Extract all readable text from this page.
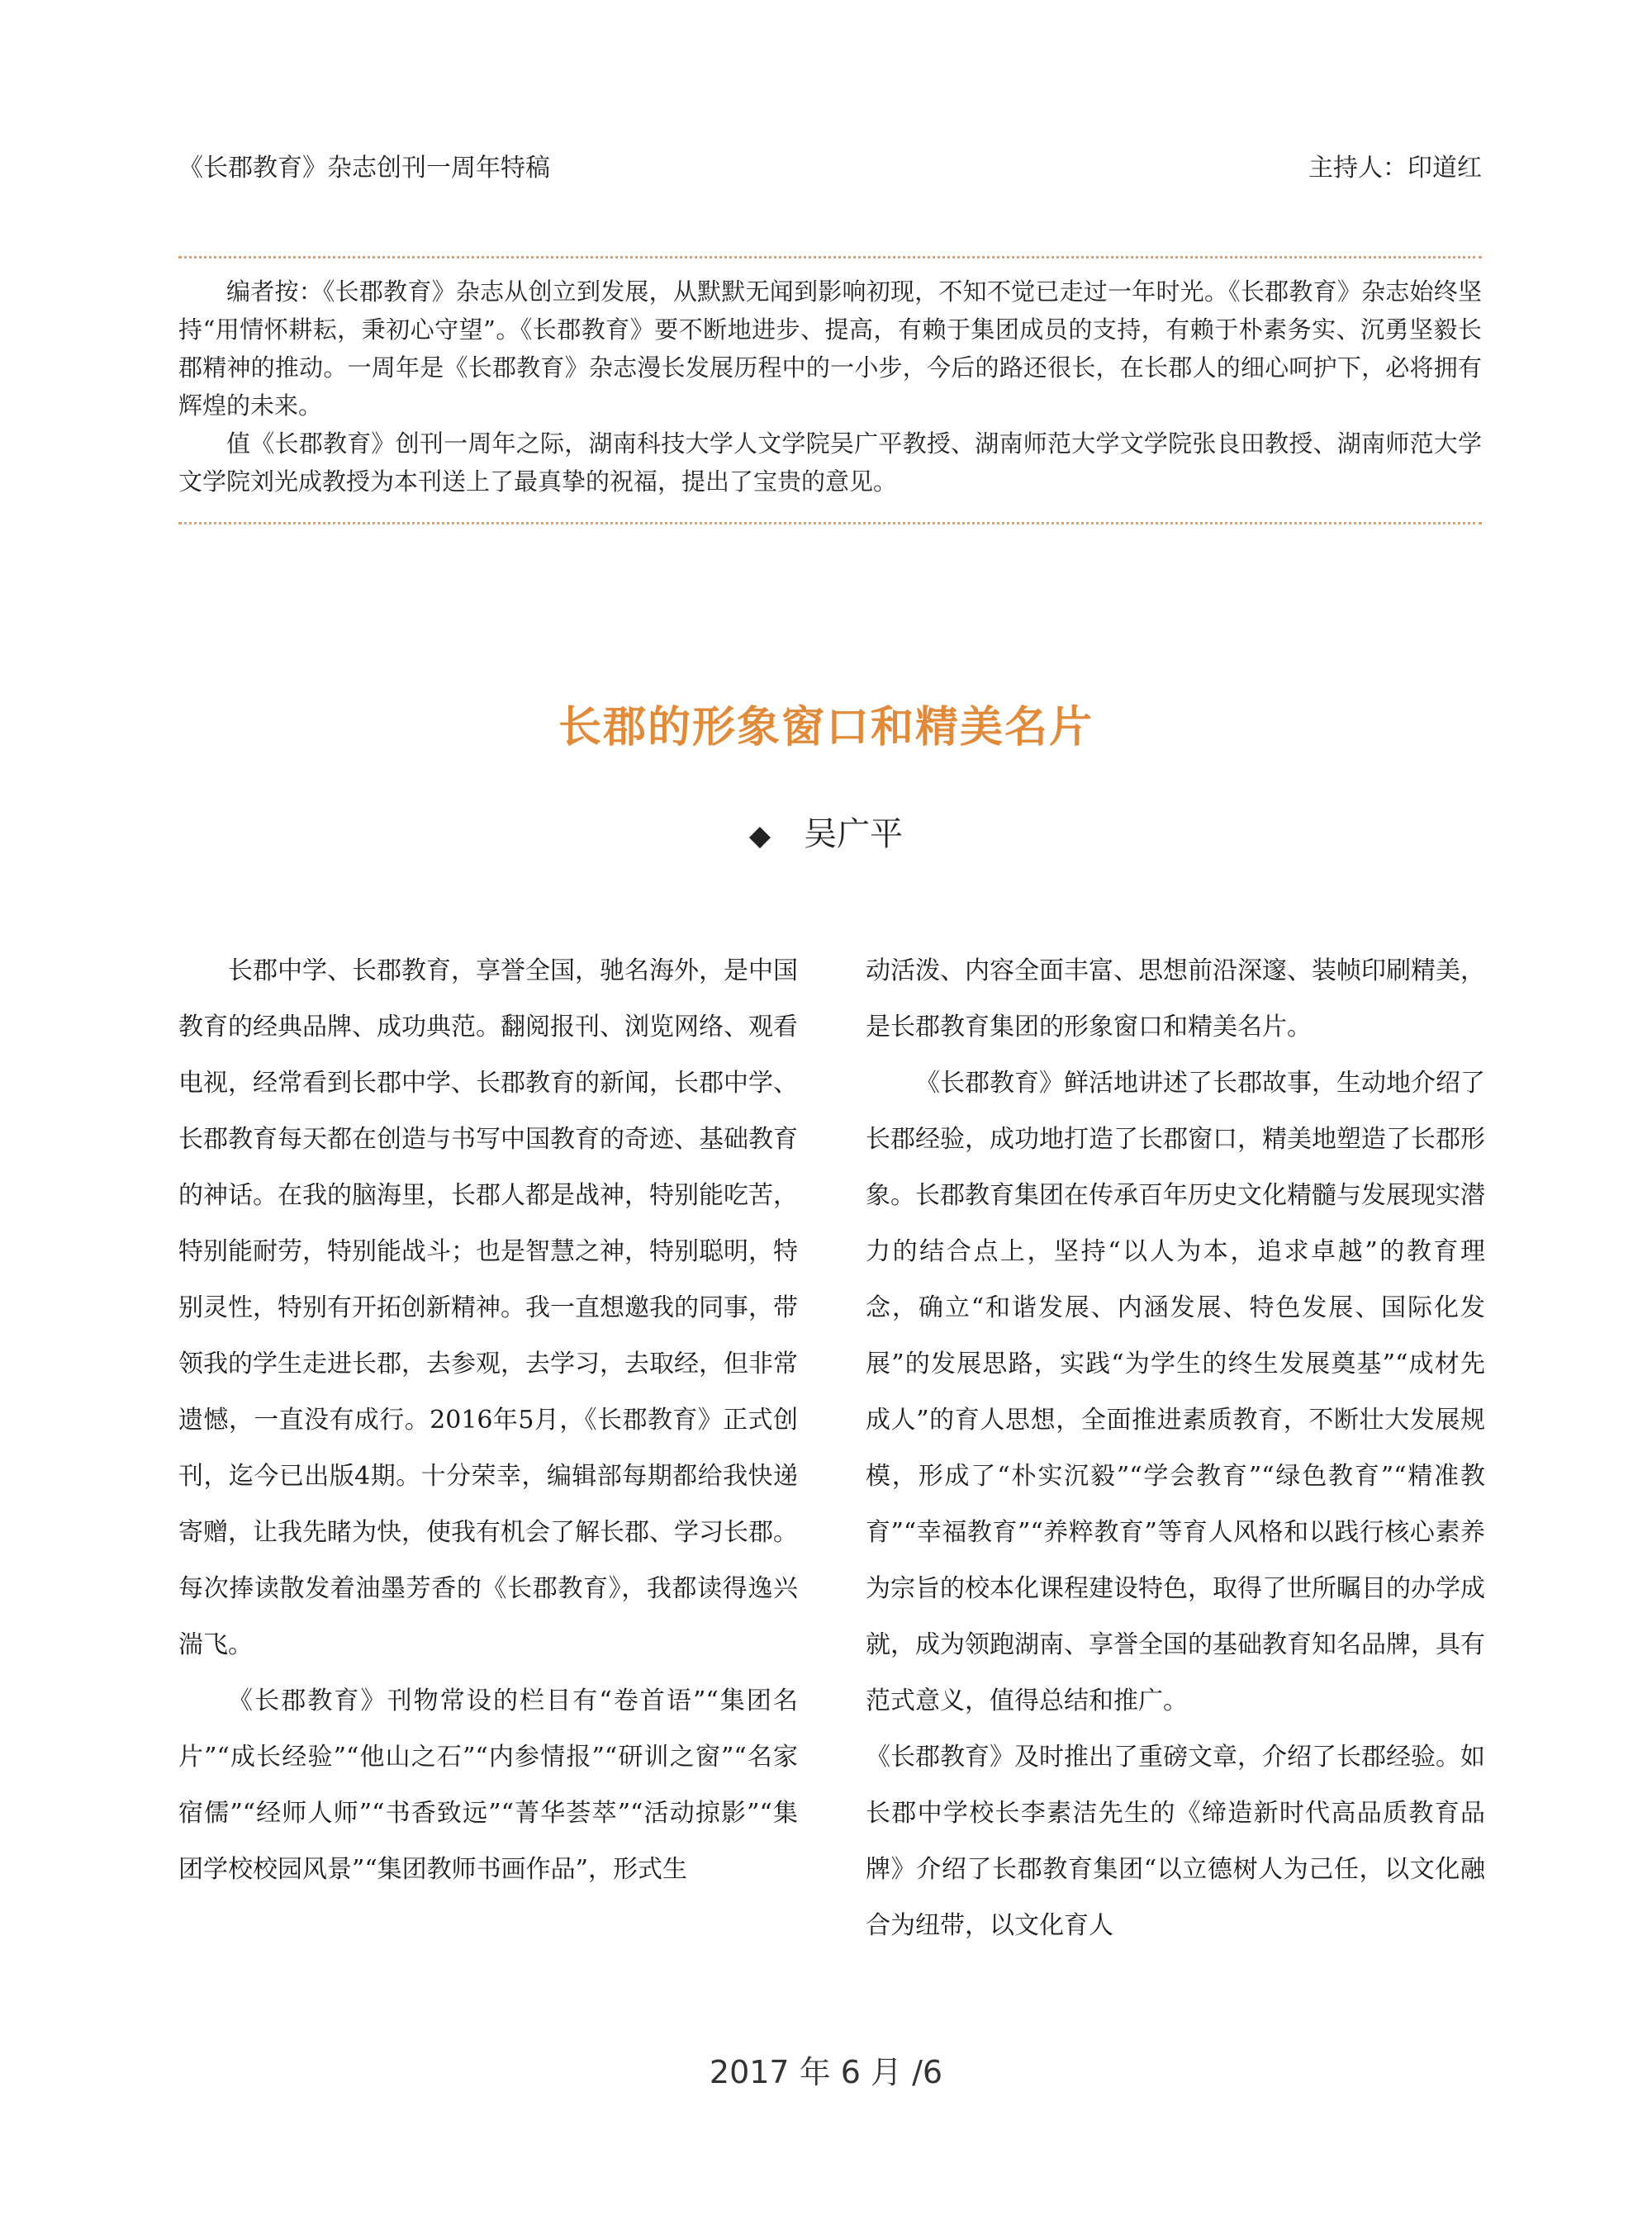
《长郡教育》杂志创刊一周年特稿	主持人：印道红

编者按：《长郡教育》杂志从创立到发展，从默默无闻到影响初现，不知不觉已走过一年时光。《长郡教育》杂志始终坚持“用情怀耕耘，秉初心守望”。《长郡教育》要不断地进步、提高，有赖于集团成员的支持，有赖于朴素务实、沉勇坚毅长郡精神的推动。一周年是《长郡教育》杂志漫长发展历程中的一小步，今后的路还很长，在长郡人的细心呵护下，必将拥有辉煌的未来。

值《长郡教育》创刊一周年之际，湖南科技大学人文学院吴广平教授、湖南师范大学文学院张良田教授、湖南师范大学文学院刘光成教授为本刊送上了最真挚的祝福，提出了宝贵的意见。

长郡的形象窗口和精美名片
◆ 吴广平

长郡中学、长郡教育，享誉全国，驰名海外，是中国教育的经典品牌、成功典范。翻阅报刊、浏览网络、观看电视，经常看到长郡中学、长郡教育的新闻，长郡中学、长郡教育每天都在创造与书写中国教育的奇迹、基础教育的神话。在我的脑海里，长郡人都是战神，特别能吃苦，特别能耐劳，特别能战斗；也是智慧之神，特别聪明，特别灵性，特别有开拓创新精神。我一直想邀我的同事，带领我的学生走进长郡，去参观，去学习，去取经，但非常遗憾，一直没有成行。2016年5月，《长郡教育》正式创刊，迄今已出版4期。十分荣幸，编辑部每期都给我快递寄赠，让我先睹为快，使我有机会了解长郡、学习长郡。每次捧读散发着油墨芳香的《长郡教育》，我都读得逸兴湍飞。

《长郡教育》刊物常设的栏目有“卷首语”“集团名片”“成长经验”“他山之石”“内参情报”“研训之窗”“名家宿儒”“经师人师”“书香致远”“菁华荟萃”“活动掠影”“集团学校校园风景”“集团教师书画作品”，形式生

动活泼、内容全面丰富、思想前沿深邃、装帧印刷精美，是长郡教育集团的形象窗口和精美名片。

《长郡教育》鲜活地讲述了长郡故事，生动地介绍了长郡经验，成功地打造了长郡窗口，精美地塑造了长郡形象。长郡教育集团在传承百年历史文化精髓与发展现实潜力的结合点上，坚持“以人为本，追求卓越”的教育理念，确立“和谐发展、内涵发展、特色发展、国际化发展”的发展思路，实践“为学生的终生发展奠基”“成材先成人”的育人思想，全面推进素质教育，不断壮大发展规模，形成了“朴实沉毅”“学会教育”“绿色教育”“精准教育”“幸福教育”“养粹教育”等育人风格和以践行核心素养为宗旨的校本化课程建设特色，取得了世所瞩目的办学成就，成为领跑湖南、享誉全国的基础教育知名品牌，具有范式意义，值得总结和推广。

《长郡教育》及时推出了重磅文章，介绍了长郡经验。如长郡中学校长李素洁先生的《缔造新时代高品质教育品牌》介绍了长郡教育集团“以立德树人为己任，以文化融合为纽带，以文化育人

2017 年 6 月 /6
